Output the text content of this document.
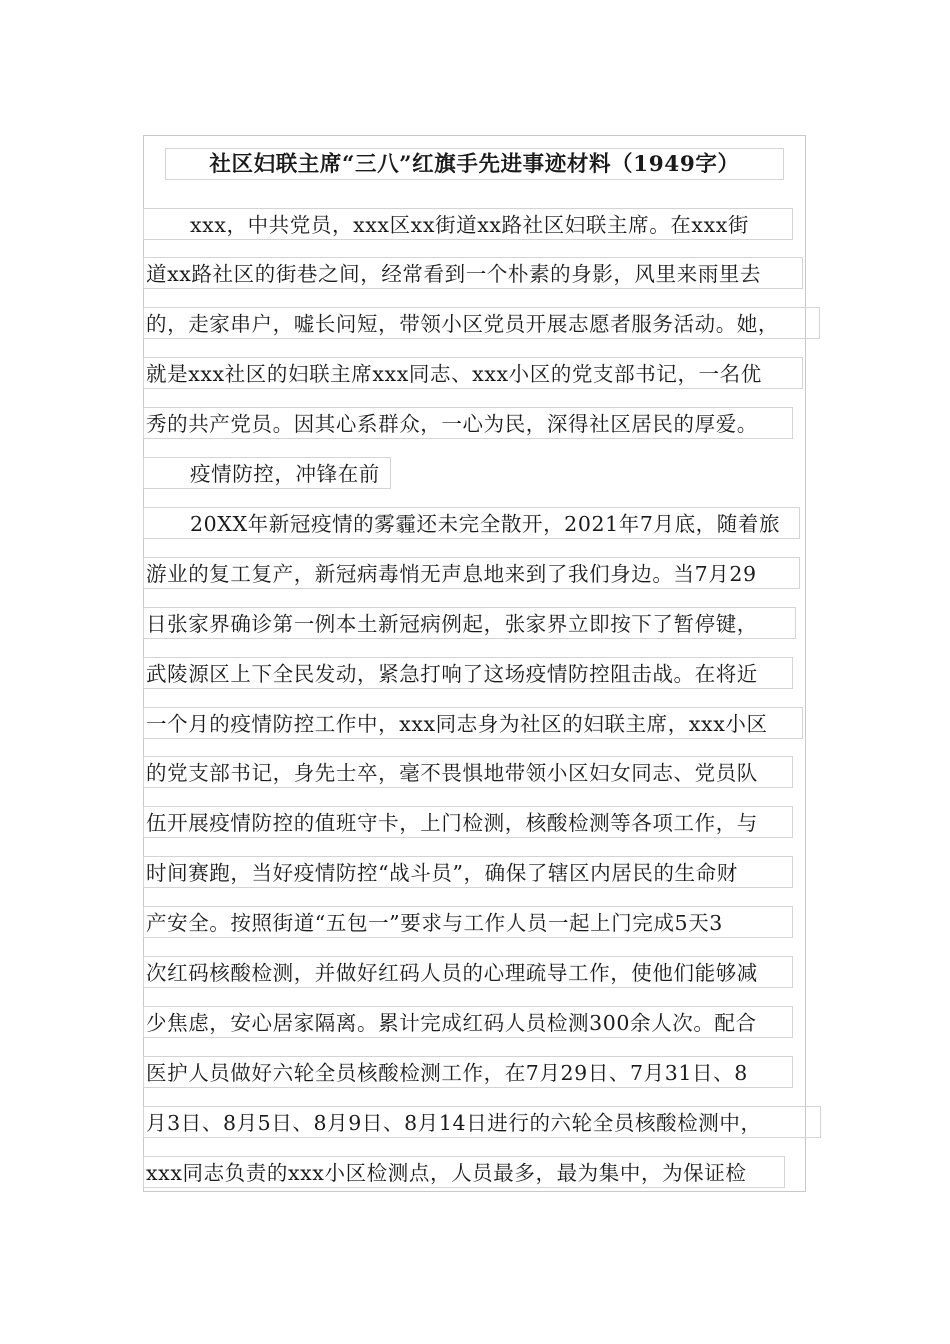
社区妇联主席“三八”红旗手先进事迹材料（1949字）
xxx，中共党员，xxx区xx街道xx路社区妇联主席。在xxx街
道xx路社区的街巷之间，经常看到一个朴素的身影，风里来雨里去
的，走家串户，嘘长问短，带领小区党员开展志愿者服务活动。她，
就是xxx社区的妇联主席xxx同志、xxx小区的党支部书记，一名优
秀的共产党员。因其心系群众，一心为民，深得社区居民的厚爱。
疫情防控，冲锋在前
20XX年新冠疫情的雾霾还未完全散开，2021年7月底，随着旅
游业的复工复产，新冠病毒悄无声息地来到了我们身边。当7月29
日张家界确诊第一例本土新冠病例起，张家界立即按下了暂停键，
武陵源区上下全民发动，紧急打响了这场疫情防控阻击战。在将近
一个月的疫情防控工作中，xxx同志身为社区的妇联主席，xxx小区
的党支部书记，身先士卒，毫不畏惧地带领小区妇女同志、党员队
伍开展疫情防控的值班守卡，上门检测，核酸检测等各项工作，与
时间赛跑，当好疫情防控“战斗员”，确保了辖区内居民的生命财
产安全。按照街道“五包一”要求与工作人员一起上门完成5天3
次红码核酸检测，并做好红码人员的心理疏导工作，使他们能够减
少焦虑，安心居家隔离。累计完成红码人员检测300余人次。配合
医护人员做好六轮全员核酸检测工作，在7月29日、7月31日、8
月3日、8月5日、8月9日、8月14日进行的六轮全员核酸检测中，
xxx同志负责的xxx小区检测点，人员最多，最为集中，为保证检
